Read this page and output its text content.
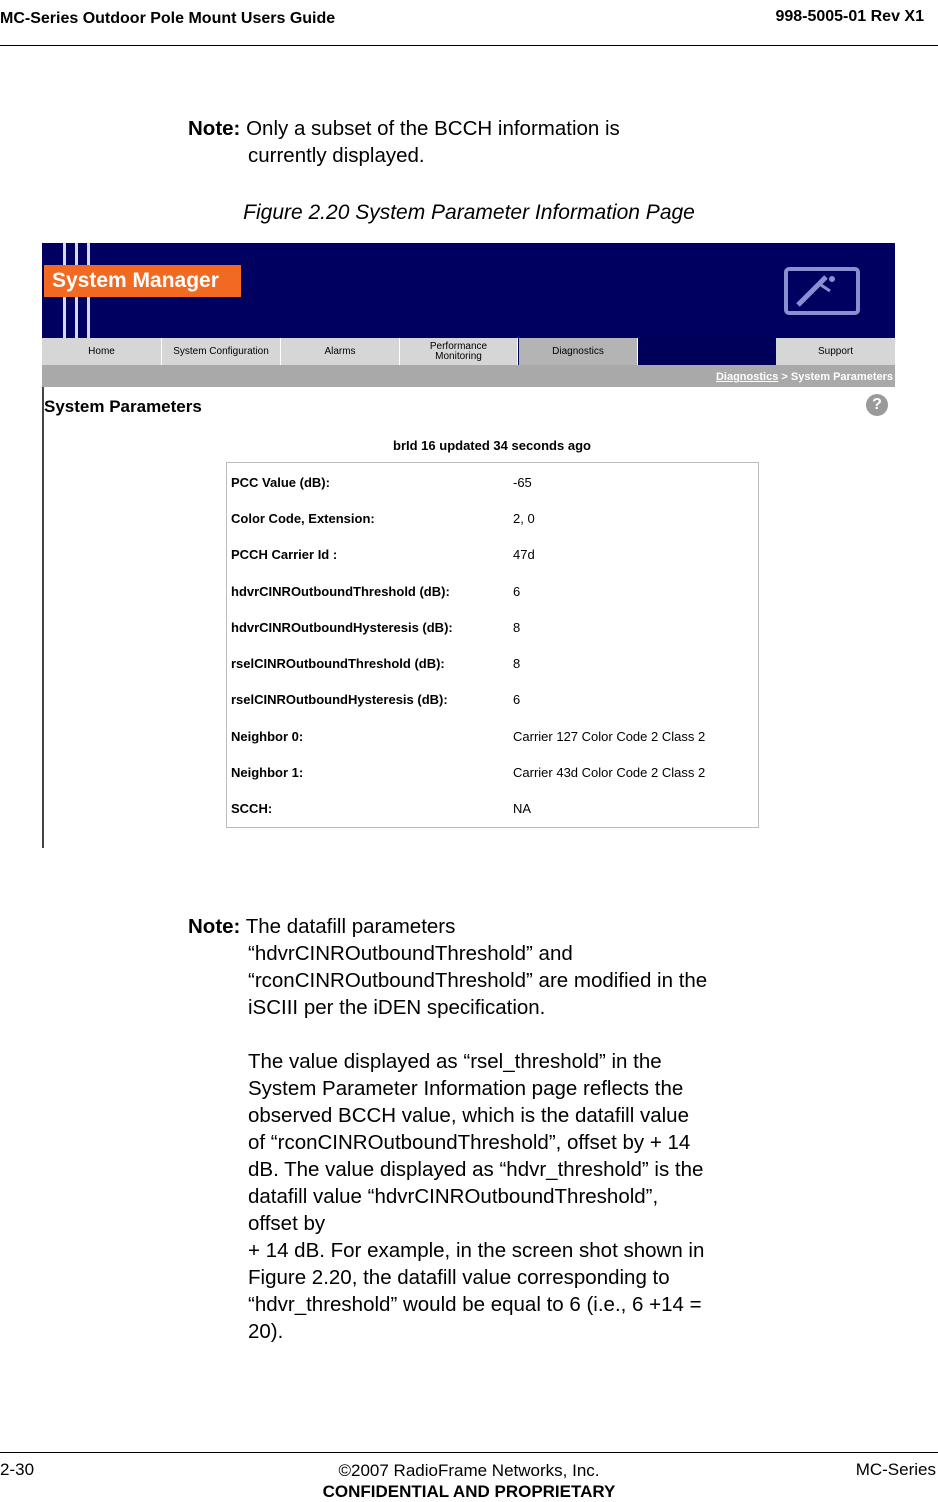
MC-Series Outdoor Pole Mount Users Guide	998-5005-01 Rev X1
Note: Only a subset of the BCCH information is
currently displayed.
Figure 2.20 System Parameter Information Page
System Manager
Home	System Configuration	Alarms	Performance Monitoring	Diagnostics	Support
Diagnostics > System Parameters
System Parameters	?
brId 16 updated 34 seconds ago
PCC Value (dB):	-65
Color Code, Extension:	2, 0
PCCH Carrier Id :	47d
hdvrCINROutboundThreshold (dB):	6
hdvrCINROutboundHysteresis (dB):	8
rselCINROutboundThreshold (dB):	8
rselCINROutboundHysteresis (dB):	6
Neighbor 0:	Carrier 127 Color Code 2 Class 2
Neighbor 1:	Carrier 43d Color Code 2 Class 2
SCCH:	NA
Note: The datafill parameters
“hdvrCINROutboundThreshold” and “rconCINROutboundThreshold” are modified in the iSCIII per the iDEN specification.
The value displayed as “rsel_threshold” in the System Parameter Information page reflects the observed BCCH value, which is the datafill value of “rconCINROutboundThreshold”, offset by + 14 dB. The value displayed as “hdvr_threshold” is the datafill value “hdvrCINROutboundThreshold”, offset by
+ 14 dB. For example, in the screen shot shown in Figure 2.20, the datafill value corresponding to “hdvr_threshold” would be equal to 6 (i.e., 6 +14 = 20).
2-30	©2007 RadioFrame Networks, Inc.
CONFIDENTIAL AND PROPRIETARY
MC-Series
